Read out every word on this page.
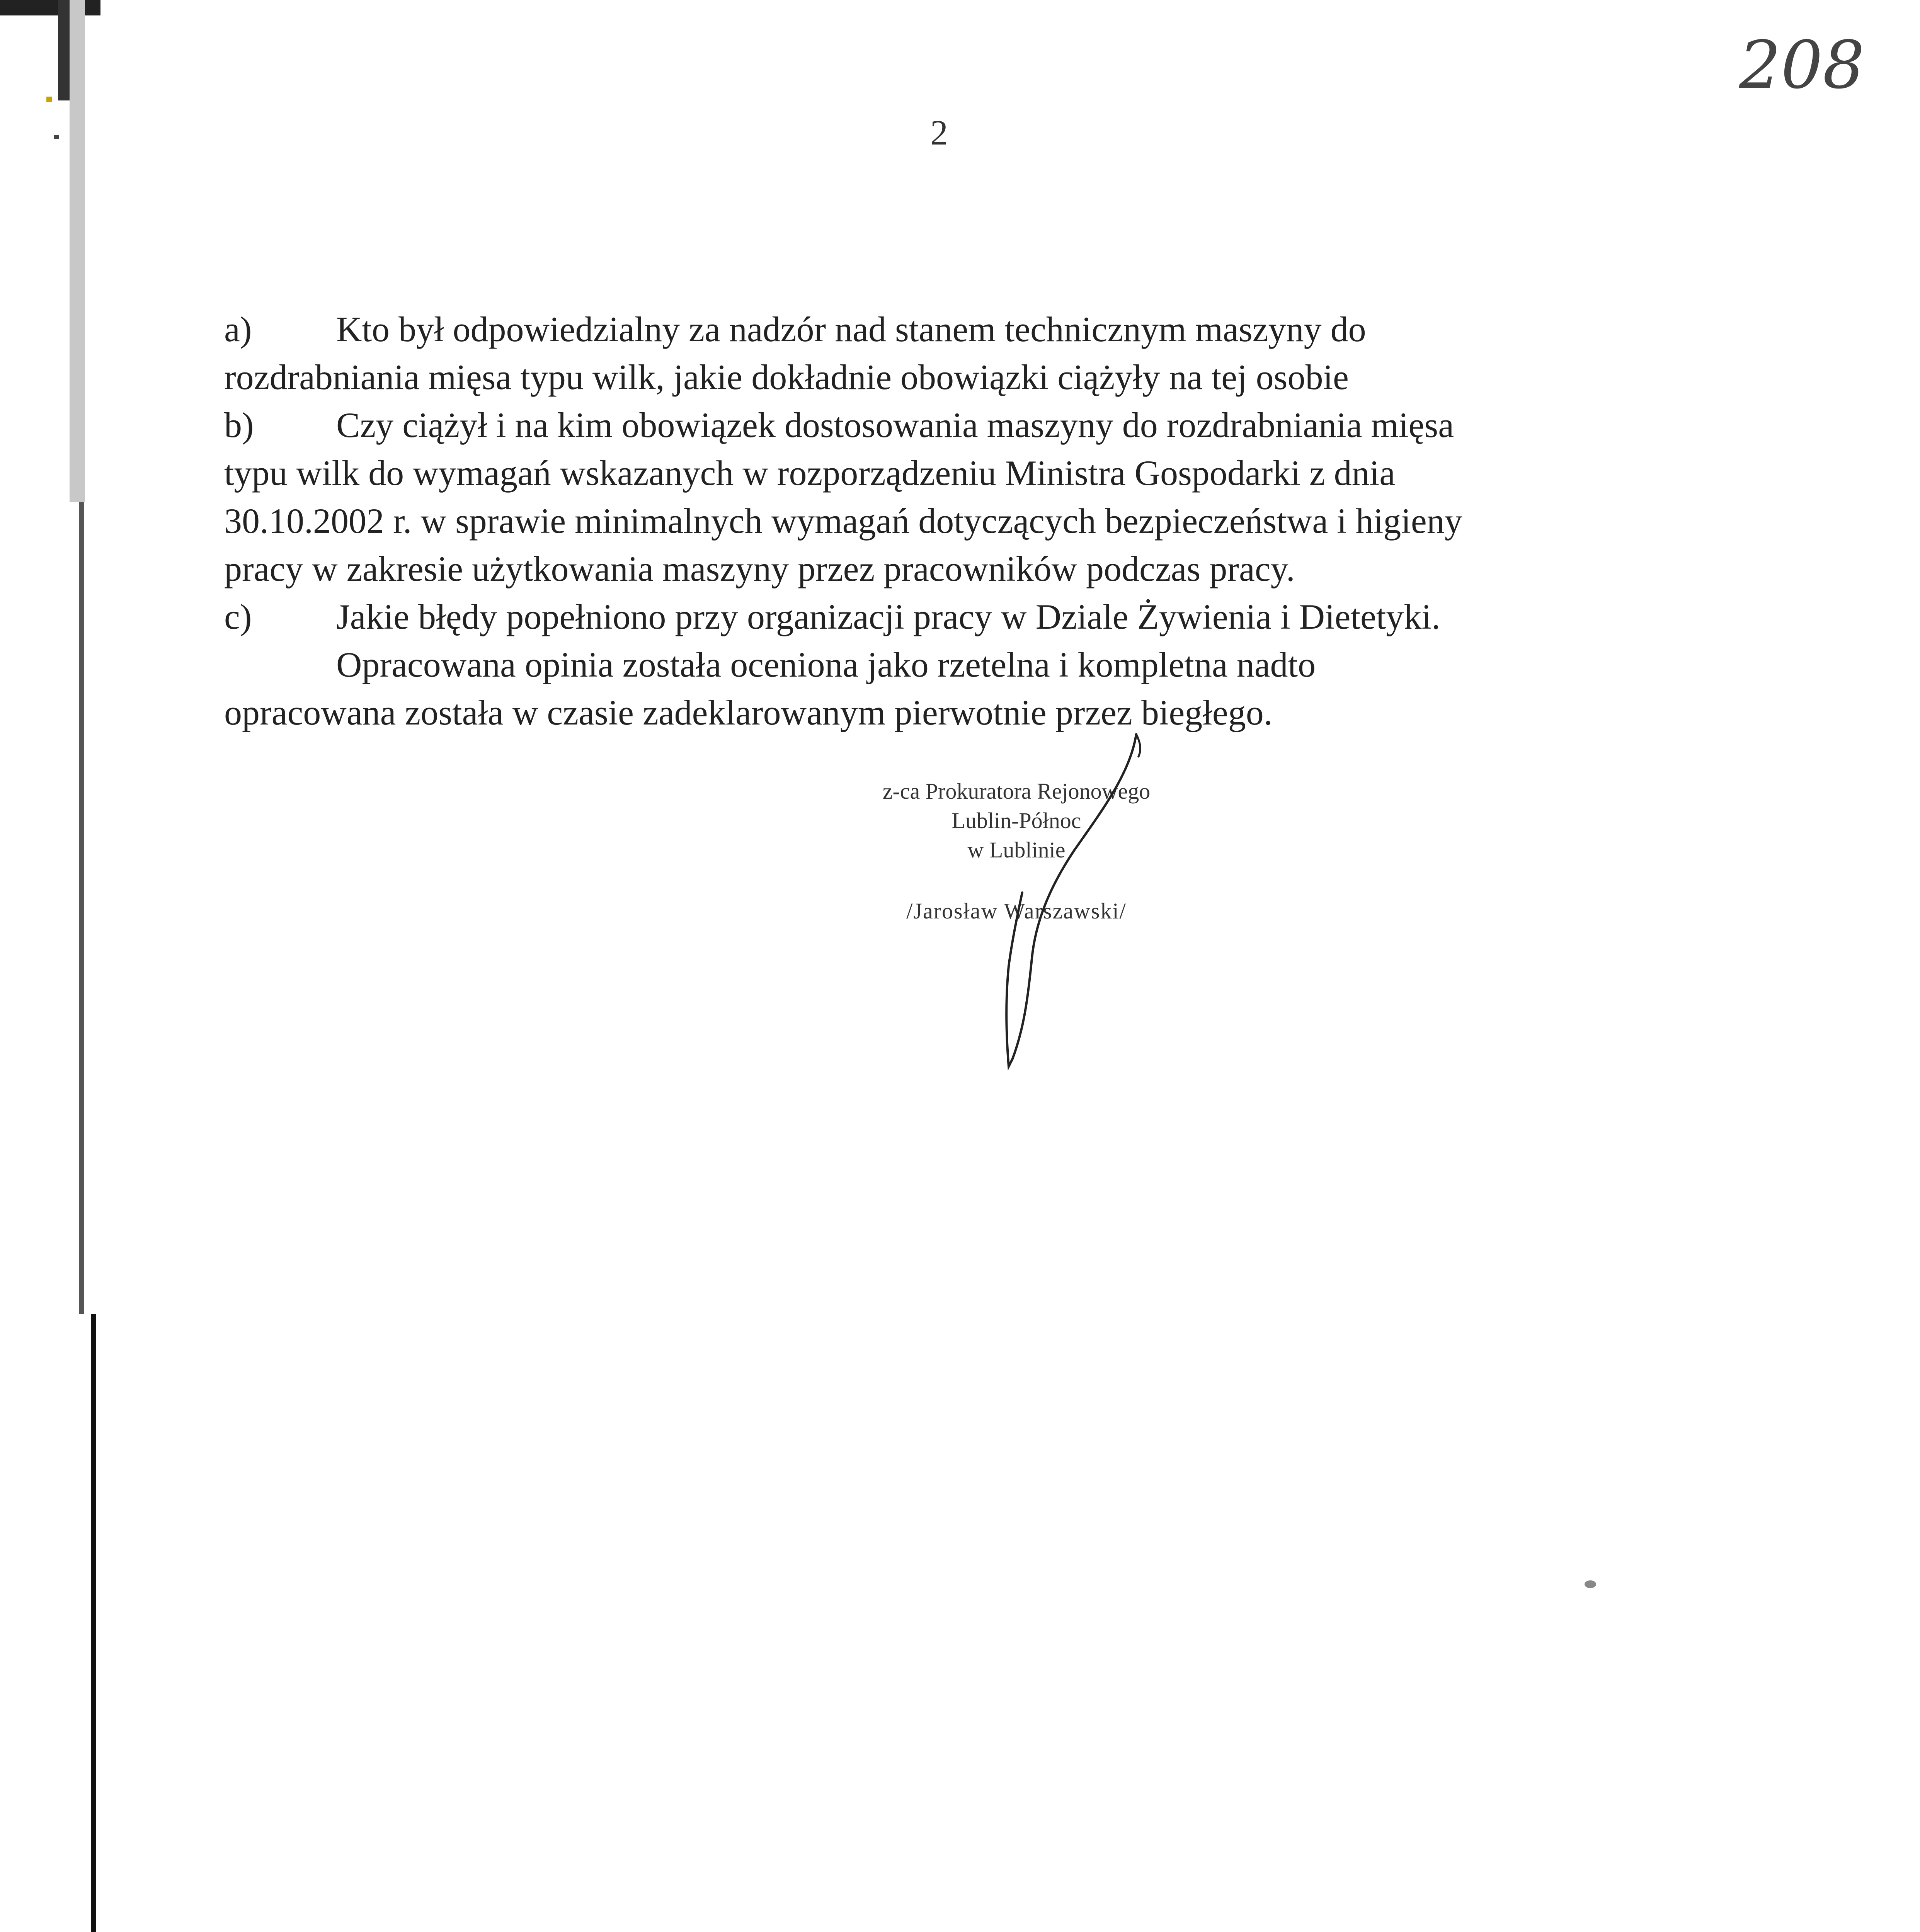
208
2
a) Kto był odpowiedzialny za nadzór nad stanem technicznym maszyny do
rozdrabniania mięsa typu wilk, jakie dokładnie obowiązki ciążyły na tej osobie
b) Czy ciążył i na kim obowiązek dostosowania maszyny do rozdrabniania mięsa
typu wilk do wymagań wskazanych w rozporządzeniu Ministra Gospodarki z dnia
30.10.2002 r. w sprawie minimalnych wymagań dotyczących bezpieczeństwa i higieny
pracy w zakresie użytkowania maszyny przez pracowników podczas pracy.
c) Jakie błędy popełniono przy organizacji pracy w Dziale Żywienia i Dietetyki.
Opracowana opinia została oceniona jako rzetelna i kompletna nadto
opracowana została w czasie zadeklarowanym pierwotnie przez biegłego.
z-ca Prokuratora Rejonowego
Lublin-Północ
w Lublinie
/Jarosław Warszawski/
